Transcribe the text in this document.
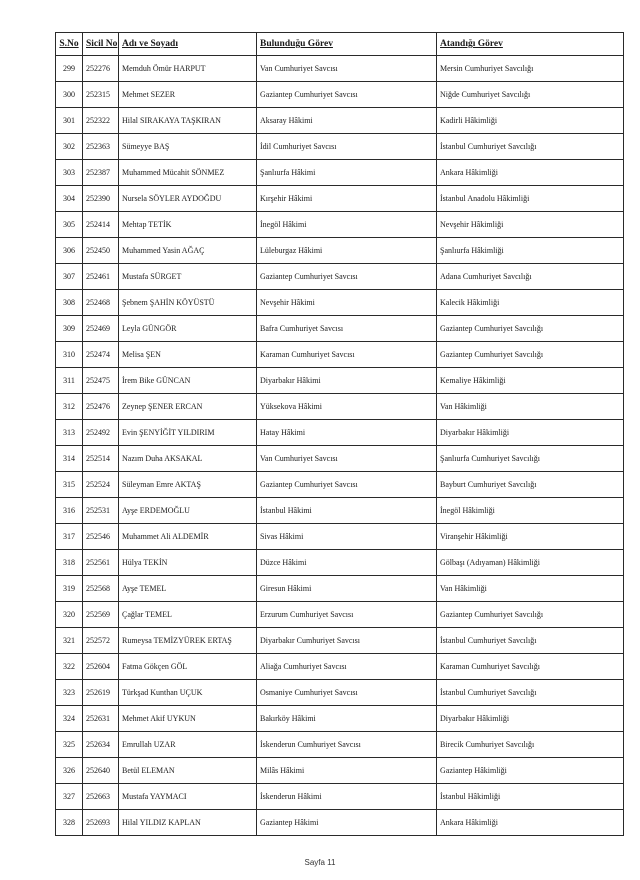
S.No	Sicil No	Adı ve Soyadı	Bulunduğu Görev	Atandığı Görev
299	252276	Memduh Ömür HARPUT	Van Cumhuriyet Savcısı	Mersin Cumhuriyet Savcılığı
300	252315	Mehmet SEZER	Gaziantep Cumhuriyet Savcısı	Niğde Cumhuriyet Savcılığı
301	252322	Hilal SIRAKAYA TAŞKIRAN	Aksaray Hâkimi	Kadirli Hâkimliği
302	252363	Sümeyye BAŞ	İdil Cumhuriyet Savcısı	İstanbul Cumhuriyet Savcılığı
303	252387	Muhammed Mücahit SÖNMEZ	Şanlıurfa Hâkimi	Ankara Hâkimliği
304	252390	Nursela SÖYLER AYDOĞDU	Kırşehir Hâkimi	İstanbul Anadolu Hâkimliği
305	252414	Mehtap TETİK	İnegöl Hâkimi	Nevşehir Hâkimliği
306	252450	Muhammed Yasin AĞAÇ	Lüleburgaz Hâkimi	Şanlıurfa Hâkimliği
307	252461	Mustafa SÜRGET	Gaziantep Cumhuriyet Savcısı	Adana Cumhuriyet Savcılığı
308	252468	Şebnem ŞAHİN KÖYÜSTÜ	Nevşehir Hâkimi	Kalecik Hâkimliği
309	252469	Leyla GÜNGÖR	Bafra Cumhuriyet Savcısı	Gaziantep Cumhuriyet Savcılığı
310	252474	Melisa ŞEN	Karaman Cumhuriyet Savcısı	Gaziantep Cumhuriyet Savcılığı
311	252475	İrem Bike GÜNCAN	Diyarbakır Hâkimi	Kemaliye Hâkimliği
312	252476	Zeynep ŞENER ERCAN	Yüksekova Hâkimi	Van Hâkimliği
313	252492	Evin ŞENYİĞİT YILDIRIM	Hatay Hâkimi	Diyarbakır Hâkimliği
314	252514	Nazım Duha AKSAKAL	Van Cumhuriyet Savcısı	Şanlıurfa Cumhuriyet Savcılığı
315	252524	Süleyman Emre AKTAŞ	Gaziantep Cumhuriyet Savcısı	Bayburt Cumhuriyet Savcılığı
316	252531	Ayşe ERDEMOĞLU	İstanbul Hâkimi	İnegöl Hâkimliği
317	252546	Muhammet Ali ALDEMİR	Sivas Hâkimi	Viranşehir Hâkimliği
318	252561	Hülya TEKİN	Düzce Hâkimi	Gölbaşı (Adıyaman) Hâkimliği
319	252568	Ayşe TEMEL	Giresun Hâkimi	Van Hâkimliği
320	252569	Çağlar TEMEL	Erzurum Cumhuriyet Savcısı	Gaziantep Cumhuriyet Savcılığı
321	252572	Rumeysa TEMİZYÜREK ERTAŞ	Diyarbakır Cumhuriyet Savcısı	İstanbul Cumhuriyet Savcılığı
322	252604	Fatma Gökçen GÖL	Aliağa Cumhuriyet Savcısı	Karaman Cumhuriyet Savcılığı
323	252619	Türkşad Kunthan UÇUK	Osmaniye Cumhuriyet Savcısı	İstanbul Cumhuriyet Savcılığı
324	252631	Mehmet Akif UYKUN	Bakırköy Hâkimi	Diyarbakır Hâkimliği
325	252634	Emrullah UZAR	İskenderun Cumhuriyet Savcısı	Birecik Cumhuriyet Savcılığı
326	252640	Betül ELEMAN	Milâs Hâkimi	Gaziantep Hâkimliği
327	252663	Mustafa YAYMACI	İskenderun Hâkimi	İstanbul Hâkimliği
328	252693	Hilal YILDIZ KAPLAN	Gaziantep Hâkimi	Ankara Hâkimliği
Sayfa 11
